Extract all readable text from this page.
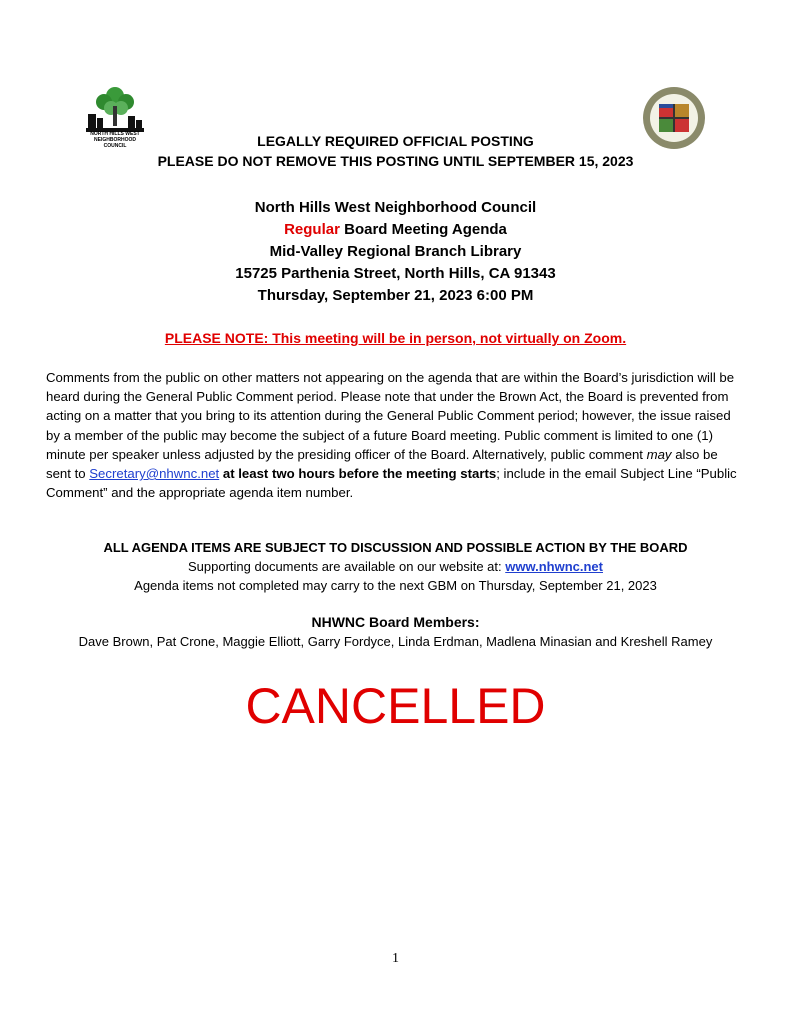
NORTH HILLS WEST
NEIGHBORHOOD COUNCIL	LEGALLY REQUIRED OFFICIAL POSTING
PLEASE DO NOT REMOVE THIS POSTING UNTIL SEPTEMBER 15, 2023
North Hills West Neighborhood Council
Regular Board Meeting Agenda
Mid-Valley Regional Branch Library
15725 Parthenia Street, North Hills, CA 91343
Thursday, September 21, 2023 6:00 PM
PLEASE NOTE: This meeting will be in person, not virtually on Zoom.
Comments from the public on other matters not appearing on the agenda that are within the Board’s jurisdiction will be heard during the General Public Comment period. Please note that under the Brown Act, the Board is prevented from acting on a matter that you bring to its attention during the General Public Comment period; however, the issue raised by a member of the public may become the subject of a future Board meeting. Public comment is limited to one (1) minute per speaker unless adjusted by the presiding officer of the Board. Alternatively, public comment may also be sent to Secretary@nhwnc.net at least two hours before the meeting starts; include in the email Subject Line “Public Comment” and the appropriate agenda item number.
ALL AGENDA ITEMS ARE SUBJECT TO DISCUSSION AND POSSIBLE ACTION BY THE BOARD
Supporting documents are available on our website at: www.nhwnc.net
Agenda items not completed may carry to the next GBM on Thursday, September 21, 2023
NHWNC Board Members:
Dave Brown, Pat Crone, Maggie Elliott, Garry Fordyce, Linda Erdman, Madlena Minasian and Kreshell Ramey
CANCELLED
1
